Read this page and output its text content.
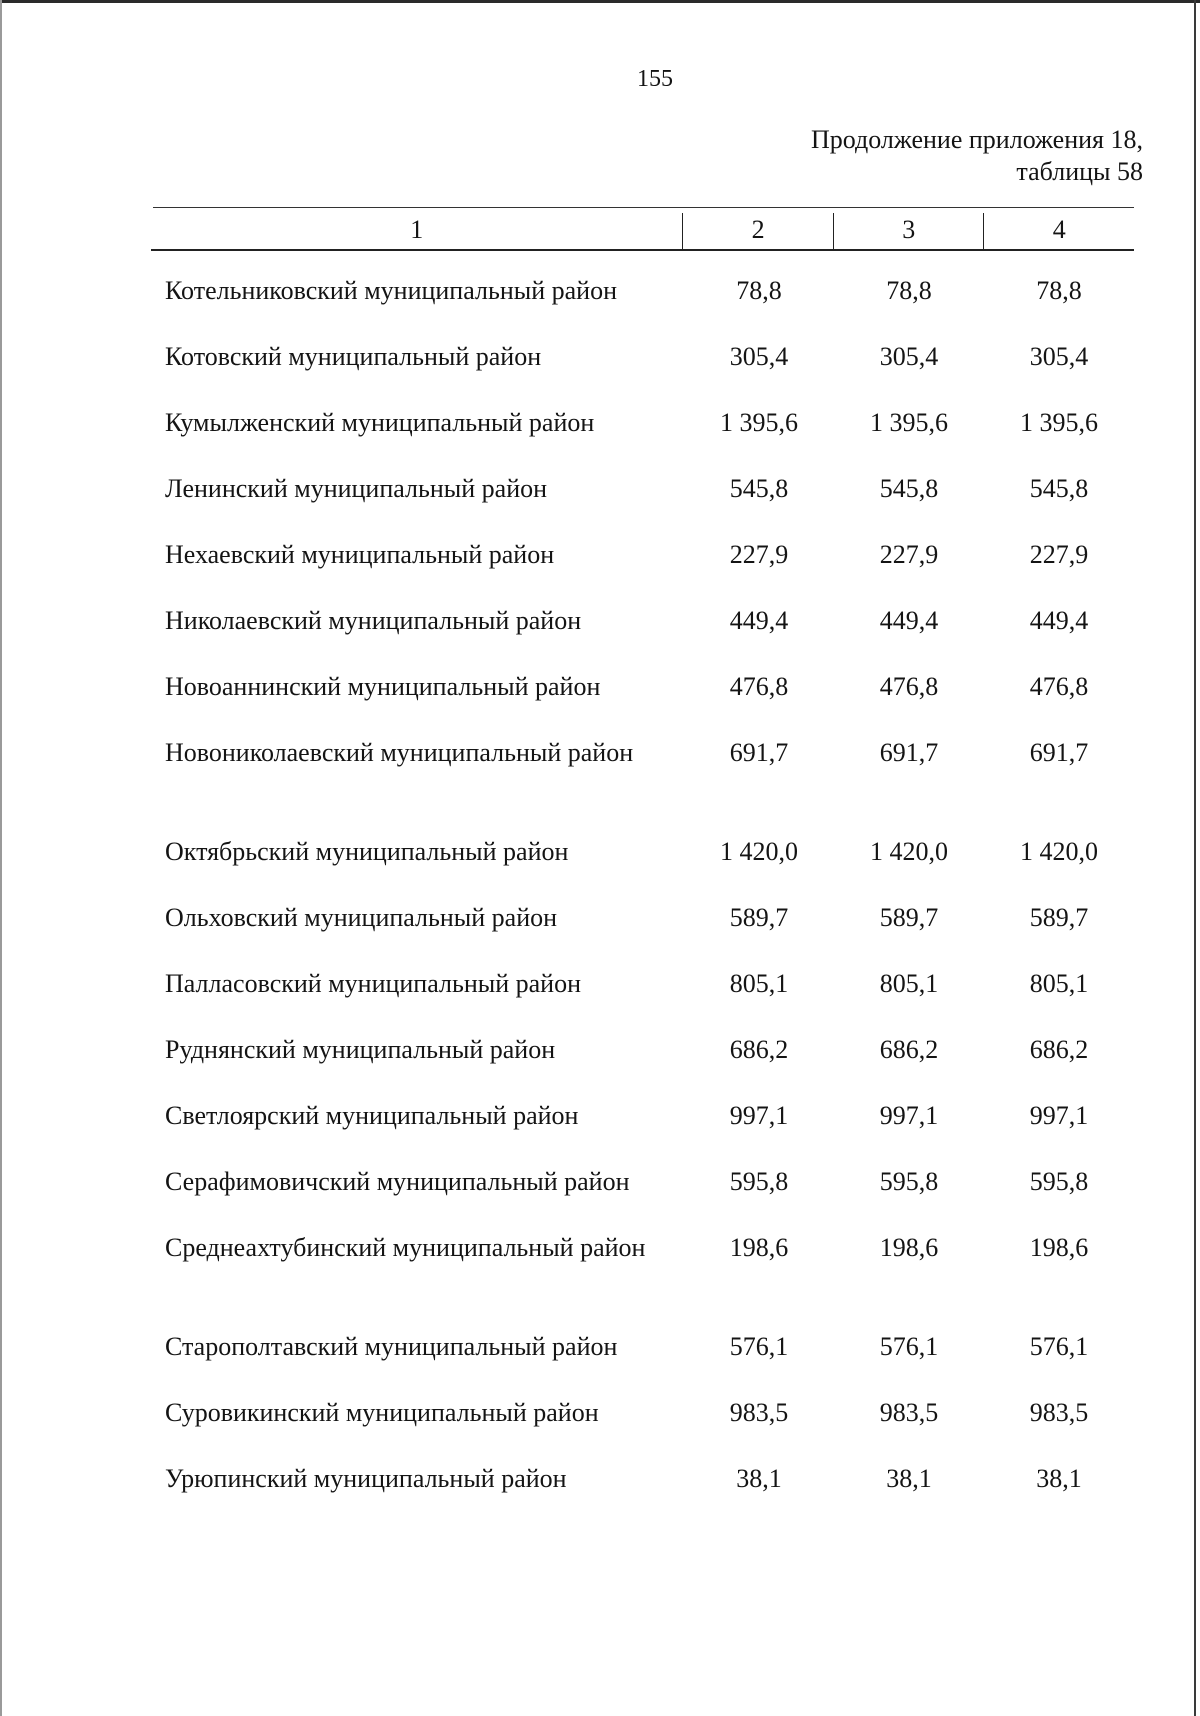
155
Продолжение приложения 18,
таблицы 58
1	2	3	4
Котельниковский муниципальный район	78,8	78,8	78,8
Котовский муниципальный район	305,4	305,4	305,4
Кумылженский муниципальный район	1 395,6	1 395,6	1 395,6
Ленинский муниципальный район	545,8	545,8	545,8
Нехаевский муниципальный район	227,9	227,9	227,9
Николаевский муниципальный район	449,4	449,4	449,4
Новоаннинский муниципальный район	476,8	476,8	476,8
Новониколаевский муниципальный район	691,7	691,7	691,7
Октябрьский муниципальный район	1 420,0	1 420,0	1 420,0
Ольховский муниципальный район	589,7	589,7	589,7
Палласовский муниципальный район	805,1	805,1	805,1
Руднянский муниципальный район	686,2	686,2	686,2
Светлоярский муниципальный район	997,1	997,1	997,1
Серафимовичский муниципальный район	595,8	595,8	595,8
Среднеахтубинский муниципальный район	198,6	198,6	198,6
Старополтавский муниципальный район	576,1	576,1	576,1
Суровикинский муниципальный район	983,5	983,5	983,5
Урюпинский муниципальный район	38,1	38,1	38,1
